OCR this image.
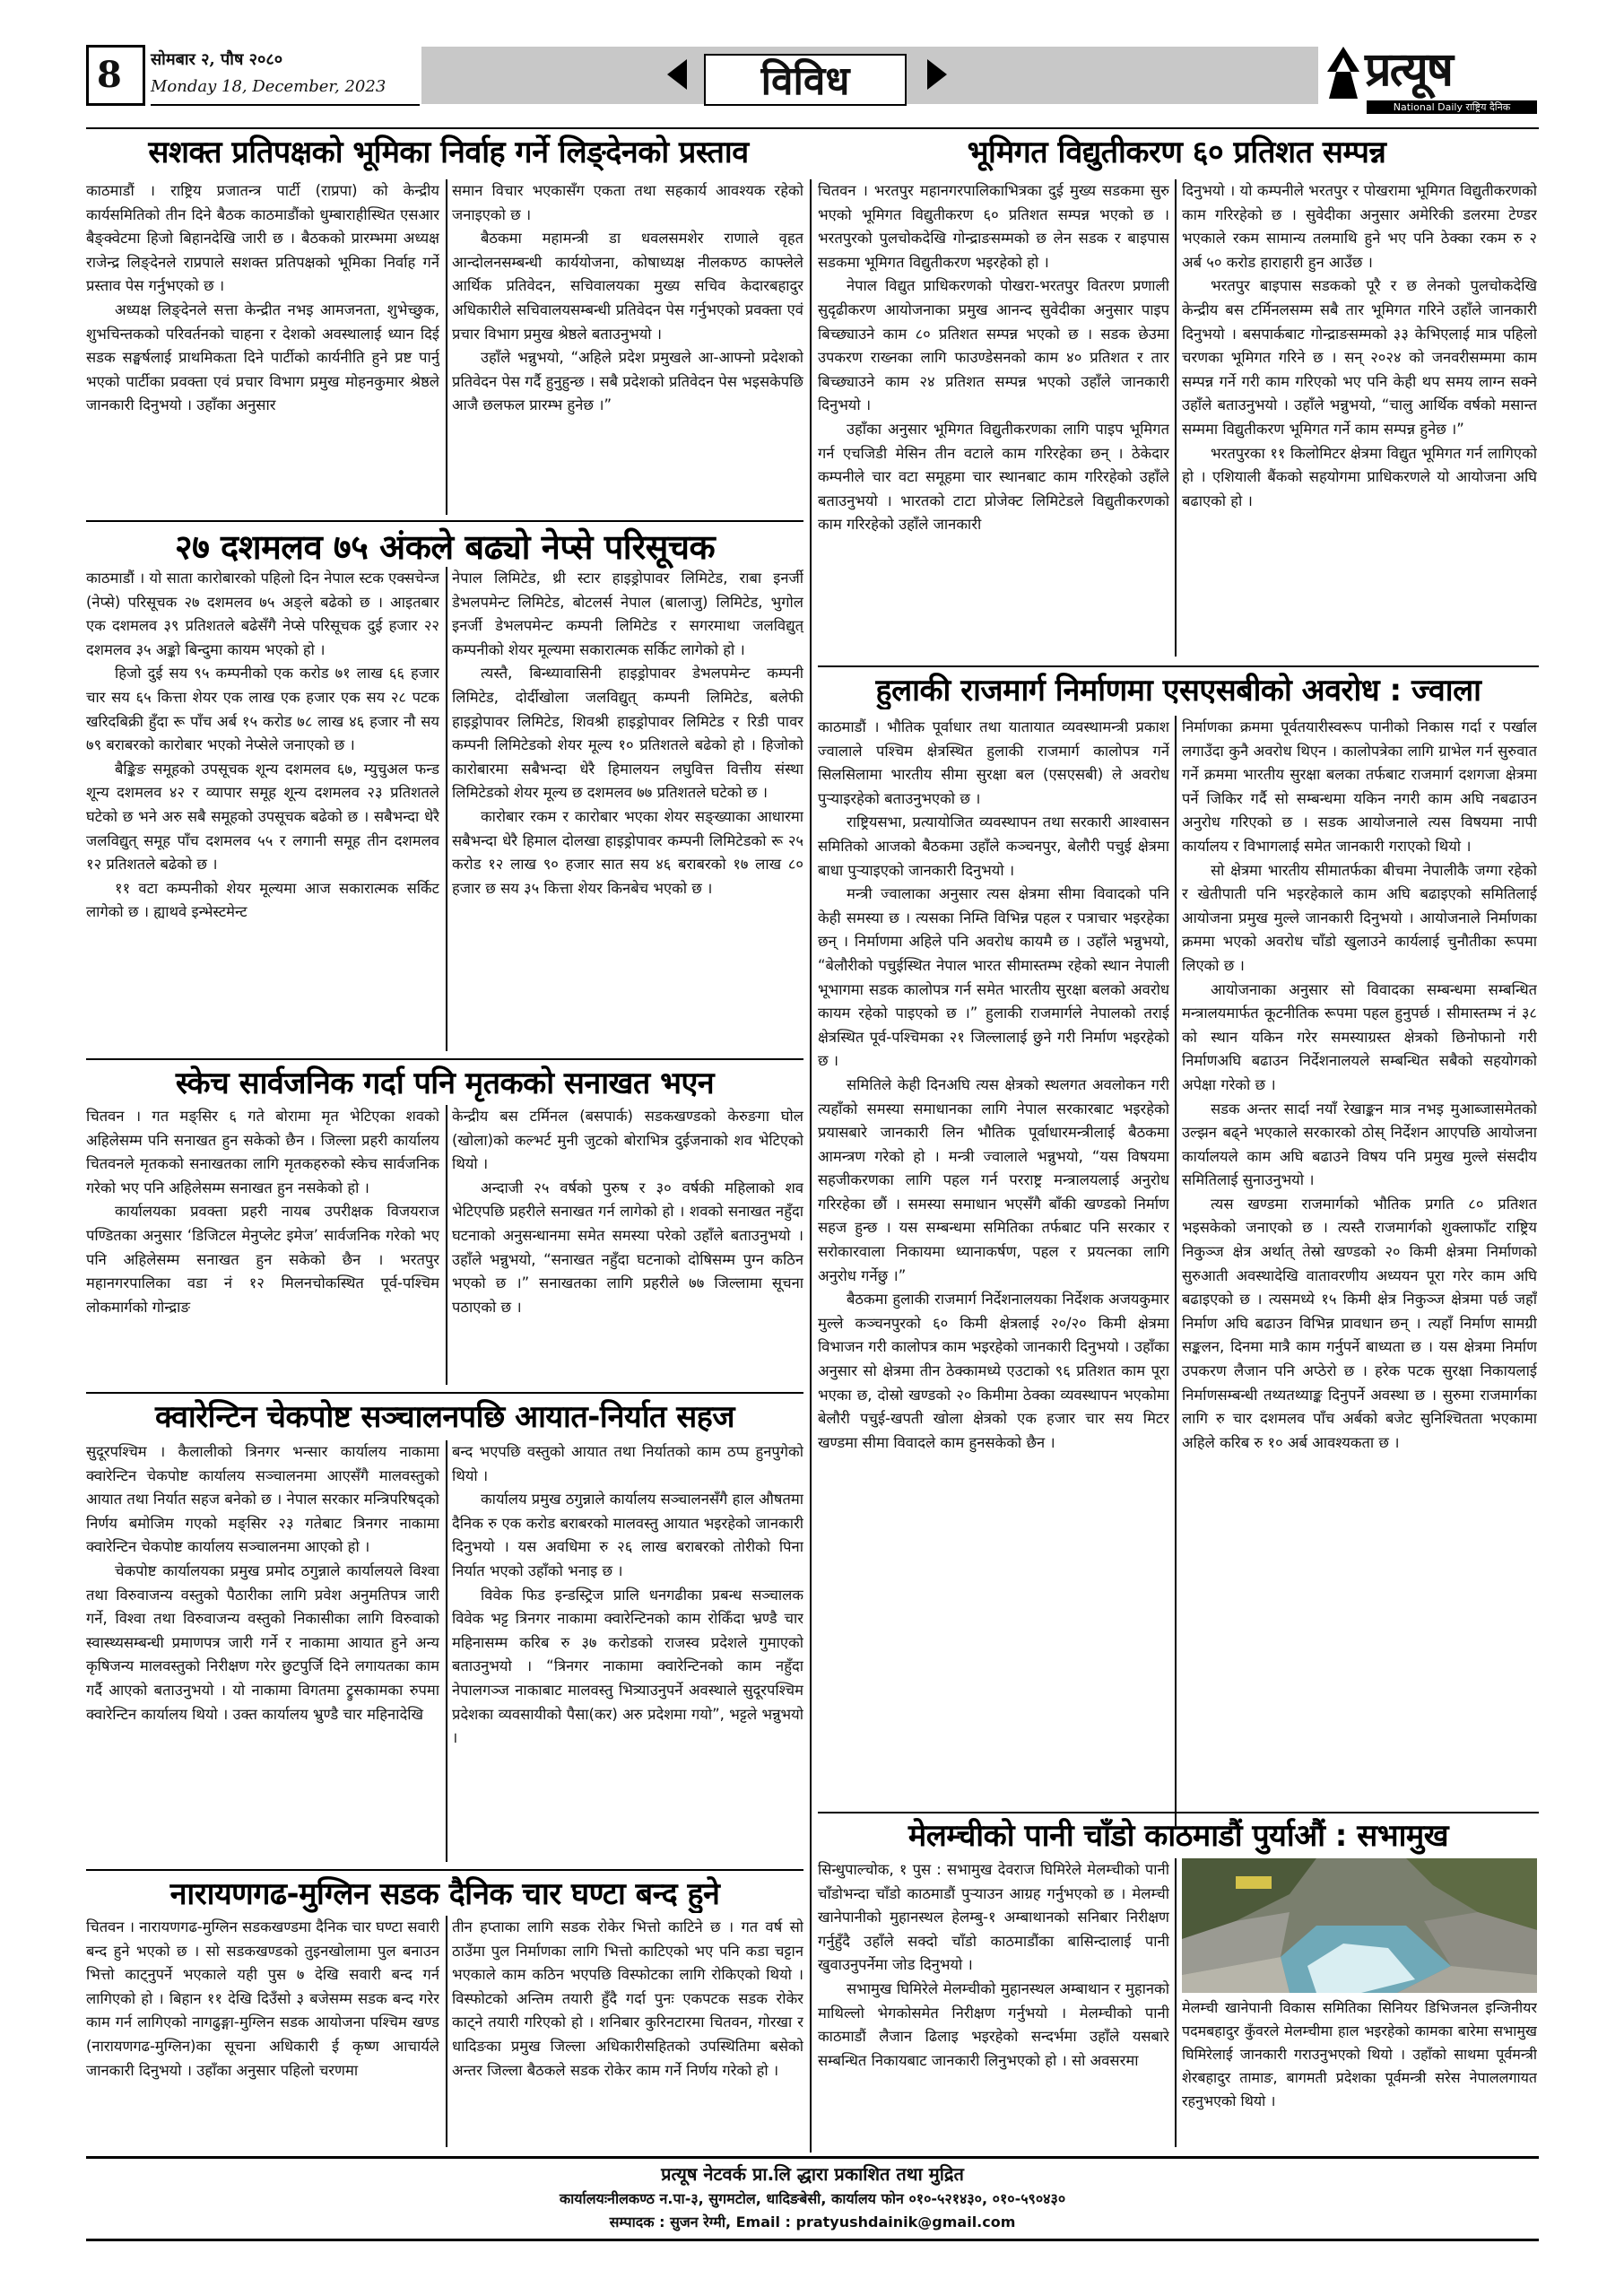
8 सोमबार २, पौष २०८०
Monday 18, December, 2023	विविध	प्रत्यूष
National Daily राष्ट्रिय दैनिक
सशक्त प्रतिपक्षको भूमिका निर्वाह गर्ने लिङ्देनको प्रस्ताव

काठमाडौं । राष्ट्रिय प्रजातन्त्र पार्टी (राप्रपा) को केन्द्रीय कार्यसमितिको तीन दिने बैठक काठमाडौंको धुम्बाराहीस्थित एसआर बैङ्क्वेटमा हिजो बिहानदेखि जारी छ । बैठकको प्रारम्भमा अध्यक्ष राजेन्द्र लिङ्देनले राप्रपाले सशक्त प्रतिपक्षको भूमिका निर्वाह गर्ने प्रस्ताव पेस गर्नुभएको छ ।

अध्यक्ष लिङ्देनले सत्ता केन्द्रीत नभइ आमजनता, शुभेच्छुक, शुभचिन्तकको परिवर्तनको चाहना र देशको अवस्थालाई ध्यान दिई सडक सङ्घर्षलाई प्राथमिकता दिने पार्टीको कार्यनीति हुने प्रष्ट पार्नु भएको पार्टीका प्रवक्ता एवं प्रचार विभाग प्रमुख मोहनकुमार श्रेष्ठले जानकारी दिनुभयो । उहाँका अनुसार

समान विचार भएकासँग एकता तथा सहकार्य आवश्यक रहेको जनाइएको छ ।

बैठकमा महामन्त्री डा धवलसमशेर राणाले वृहत आन्दोलनसम्बन्धी कार्ययोजना, कोषाध्यक्ष नीलकण्ठ काफ्लेले आर्थिक प्रतिवेदन, सचिवालयका मुख्य सचिव केदारबहादुर अधिकारीले सचिवालयसम्बन्धी प्रतिवेदन पेस गर्नुभएको प्रवक्ता एवं प्रचार विभाग प्रमुख श्रेष्ठले बताउनुभयो ।

उहाँले भन्नुभयो, “अहिले प्रदेश प्रमुखले आ-आफ्नो प्रदेशको प्रतिवेदन पेस गर्दै हुनुहुन्छ । सबै प्रदेशको प्रतिवेदन पेस भइसकेपछि आजै छलफल प्रारम्भ हुनेछ ।”

२७ दशमलव ७५ अंकले बढ्यो नेप्से परिसूचक

काठमाडौं । यो साता कारोबारको पहिलो दिन नेपाल स्टक एक्सचेन्ज (नेप्से) परिसूचक २७ दशमलव ७५ अङ्ले बढेको छ । आइतबार एक दशमलव ३९ प्रतिशतले बढेसँगै नेप्से परिसूचक दुई हजार २२ दशमलव ३५ अङ्को बिन्दुमा कायम भएको हो ।

हिजो दुई सय ९५ कम्पनीको एक करोड ७१ लाख ६६ हजार चार सय ६५ कित्ता शेयर एक लाख एक हजार एक सय २८ पटक खरिदबिक्री हुँदा रू पाँच अर्ब १५ करोड ७८ लाख ४६ हजार नौ सय ७९ बराबरको कारोबार भएको नेप्सेले जनाएको छ ।

बैङ्किङ समूहको उपसूचक शून्य दशमलव ६७, म्युचुअल फन्ड शून्य दशमलव ४२ र व्यापार समूह शून्य दशमलव २३ प्रतिशतले घटेको छ भने अरु सबै समूहको उपसूचक बढेको छ । सबैभन्दा धेरै जलविद्युत् समूह पाँच दशमलव ५५ र लगानी समूह तीन दशमलव १२ प्रतिशतले बढेको छ ।

११ वटा कम्पनीको शेयर मूल्यमा आज सकारात्मक सर्किट लागेको छ । ह्याथवे इन्भेस्टमेन्ट

नेपाल लिमिटेड, थ्री स्टार हाइड्रोपावर लिमिटेड, राबा इनर्जी डेभलपमेन्ट लिमिटेड, बोटलर्स नेपाल (बालाजु) लिमिटेड, भुगोल इनर्जी डेभलपमेन्ट कम्पनी लिमिटेड र सगरमाथा जलविद्युत् कम्पनीको शेयर मूल्यमा सकारात्मक सर्किट लागेको हो ।

त्यस्तै, बिन्ध्यावासिनी हाइड्रोपावर डेभलपमेन्ट कम्पनी लिमिटेड, दोर्दीखोला जलविद्युत् कम्पनी लिमिटेड, बलेफी हाइड्रोपावर लिमिटेड, शिवश्री हाइड्रोपावर लिमिटेड र रिडी पावर कम्पनी लिमिटेडको शेयर मूल्य १० प्रतिशतले बढेको हो । हिजोको कारोबारमा सबैभन्दा धेरै हिमालयन लघुवित्त वित्तीय संस्था लिमिटेडको शेयर मूल्य छ दशमलव ७७ प्रतिशतले घटेको छ ।

कारोबार रकम र कारोबार भएका शेयर सङ्ख्याका आधारमा सबैभन्दा धेरै हिमाल दोलखा हाइड्रोपावर कम्पनी लिमिटेडको रू २५ करोड १२ लाख ९० हजार सात सय ४६ बराबरको १७ लाख ८० हजार छ सय ३५ कित्ता शेयर किनबेच भएको छ ।

स्केच सार्वजनिक गर्दा पनि मृतकको सनाखत भएन

चितवन । गत मङ्सिर ६ गते बोरामा मृत भेटिएका शवको अहिलेसम्म पनि सनाखत हुन सकेको छैन । जिल्ला प्रहरी कार्यालय चितवनले मृतकको सनाखतका लागि मृतकहरुको स्केच सार्वजनिक गरेको भए पनि अहिलेसम्म सनाखत हुन नसकेको हो ।

कार्यालयका प्रवक्ता प्रहरी नायब उपरीक्षक विजयराज पण्डितका अनुसार ‘डिजिटल मेनुप्लेट इमेज’ सार्वजनिक गरेको भए पनि अहिलेसम्म सनाखत हुन सकेको छैन । भरतपुर महानगरपालिका वडा नं १२ मिलनचोकस्थित पूर्व-पश्चिम लोकमार्गको गोन्द्राङ

केन्द्रीय बस टर्मिनल (बसपार्क) सडकखण्डको केरुङगा घोल (खोला)को कल्भर्ट मुनी जुटको बोराभित्र दुईजनाको शव भेटिएको थियो ।

अन्दाजी २५ वर्षको पुरुष र ३० वर्षकी महिलाको शव भेटिएपछि प्रहरीले सनाखत गर्न लागेको हो । शवको सनाखत नहुँदा घटनाको अनुसन्धानमा समेत समस्या परेको उहाँले बताउनुभयो । उहाँले भन्नुभयो, “सनाखत नहुँदा घटनाको दोषिसम्म पुग्न कठिन भएको छ ।” सनाखतका लागि प्रहरीले ७७ जिल्लामा सूचना पठाएको छ ।

क्वारेन्टिन चेकपोष्ट सञ्चालनपछि आयात-निर्यात सहज

सुदूरपश्चिम । कैलालीको त्रिनगर भन्सार कार्यालय नाकामा क्वारेन्टिन चेकपोष्ट कार्यालय सञ्चालनमा आएसँगै मालवस्तुको आयात तथा निर्यात सहज बनेको छ । नेपाल सरकार मन्त्रिपरिषद्को निर्णय बमोजिम गएको मङ्सिर २३ गतेबाट त्रिनगर नाकामा क्वारेन्टिन चेकपोष्ट कार्यालय सञ्चालनमा आएको हो ।

चेकपोष्ट कार्यालयका प्रमुख प्रमोद ठगुन्नाले कार्यालयले विश्वा तथा विरुवाजन्य वस्तुको पैठारीका लागि प्रवेश अनुमतिपत्र जारी गर्ने, विश्वा तथा विरुवाजन्य वस्तुको निकासीका लागि विरुवाको स्वास्थ्यसम्बन्धी प्रमाणपत्र जारी गर्ने र नाकामा आयात हुने अन्य कृषिजन्य मालवस्तुको निरीक्षण गरेर छुटपुर्जि दिने लगायतका काम गर्दै आएको बताउनुभयो । यो नाकामा विगतमा ट्रुसकामका रुपमा क्वारेन्टिन कार्यालय थियो । उक्त कार्यालय भ्रुण्डै चार महिनादेखि

बन्द भएपछि वस्तुको आयात तथा निर्यातको काम ठप्प हुनपुगेको थियो ।

कार्यालय प्रमुख ठगुन्नाले कार्यालय सञ्चालनसँगै हाल औषतमा दैनिक रु एक करोड बराबरको मालवस्तु आयात भइरहेको जानकारी दिनुभयो । यस अवधिमा रु २६ लाख बराबरको तोरीको पिना निर्यात भएको उहाँको भनाइ छ ।

विवेक फिड इन्डस्ट्रिज प्रालि धनगढीका प्रबन्ध सञ्चालक विवेक भट्ट त्रिनगर नाकामा क्वारेन्टिनको काम रोकिँदा भ्रण्डै चार महिनासम्म करिब रु ३७ करोडको राजस्व प्रदेशले गुमाएको बताउनुभयो । “त्रिनगर नाकामा क्वारेन्टिनको काम नहुँदा नेपालगञ्ज नाकाबाट मालवस्तु भित्र्याउनुपर्ने अवस्थाले सुदूरपश्चिम प्रदेशका व्यवसायीको पैसा(कर) अरु प्रदेशमा गयो”, भट्टले भन्नुभयो ।

नारायणगढ-मुग्लिन सडक दैनिक चार घण्टा बन्द हुने

चितवन । नारायणगढ-मुग्लिन सडकखण्डमा दैनिक चार घण्टा सवारी बन्द हुने भएको छ । सो सडकखण्डको तुइनखोलामा पुल बनाउन भित्तो काट्नुपर्ने भएकाले यही पुस ७ देखि सवारी बन्द गर्न लागिएको हो । बिहान ११ देखि दिउँसो ३ बजेसम्म सडक बन्द गरेर काम गर्न लागिएको नागढुङ्गा-मुग्लिन सडक आयोजना पश्चिम खण्ड (नारायणगढ-मुग्लिन)का सूचना अधिकारी ई कृष्ण आचार्यले जानकारी दिनुभयो । उहाँका अनुसार पहिलो चरणमा

तीन हप्ताका लागि सडक रोकेर भित्तो काटिने छ । गत वर्ष सो ठाउँमा पुल निर्माणका लागि भित्तो काटिएको भए पनि कडा चट्टान भएकाले काम कठिन भएपछि विस्फोटका लागि रोकिएको थियो । विस्फोटको अन्तिम तयारी हुँदै गर्दा पुनः एकपटक सडक रोकेर काट्ने तयारी गरिएको हो । शनिबार कुरिनटारमा चितवन, गोरखा र धादिङका प्रमुख जिल्ला अधिकारीसहितको उपस्थितिमा बसेको अन्तर जिल्ला बैठकले सडक रोकेर काम गर्ने निर्णय गरेको हो ।

भूमिगत विद्युतीकरण ६० प्रतिशत सम्पन्न

चितवन । भरतपुर महानगरपालिकाभित्रका दुई मुख्य सडकमा सुरु भएको भूमिगत विद्युतीकरण ६० प्रतिशत सम्पन्न भएको छ । भरतपुरको पुलचोकदेखि गोन्द्राङसम्मको छ लेन सडक र बाइपास सडकमा भूमिगत विद्युतीकरण भइरहेको हो ।

नेपाल विद्युत प्राधिकरणको पोखरा-भरतपुर वितरण प्रणाली सुदृढीकरण आयोजनाका प्रमुख आनन्द सुवेदीका अनुसार पाइप बिच्छ्याउने काम ८० प्रतिशत सम्पन्न भएको छ । सडक छेउमा उपकरण राख्नका लागि फाउण्डेसनको काम ४० प्रतिशत र तार बिच्छ्याउने काम २४ प्रतिशत सम्पन्न भएको उहाँले जानकारी दिनुभयो ।

उहाँका अनुसार भूमिगत विद्युतीकरणका लागि पाइप भूमिगत गर्न एचजिडी मेसिन तीन वटाले काम गरिरहेका छन् । ठेकेदार कम्पनीले चार वटा समूहमा चार स्थानबाट काम गरिरहेको उहाँले बताउनुभयो । भारतको टाटा प्रोजेक्ट लिमिटेडले विद्युतीकरणको काम गरिरहेको उहाँले जानकारी

दिनुभयो । यो कम्पनीले भरतपुर र पोखरामा भूमिगत विद्युतीकरणको काम गरिरहेको छ । सुवेदीका अनुसार अमेरिकी डलरमा टेण्डर भएकाले रकम सामान्य तलमाथि हुने भए पनि ठेक्का रकम रु २ अर्ब ५० करोड हाराहारी हुन आउँछ ।

भरतपुर बाइपास सडकको पूरै र छ लेनको पुलचोकदेखि केन्द्रीय बस टर्मिनलसम्म सबै तार भूमिगत गरिने उहाँले जानकारी दिनुभयो । बसपार्कबाट गोन्द्राङसम्मको ३३ केभिएलाई मात्र पहिलो चरणका भूमिगत गरिने छ । सन् २०२४ को जनवरीसम्ममा काम सम्पन्न गर्ने गरी काम गरिएको भए पनि केही थप समय लाग्न सक्ने उहाँले बताउनुभयो । उहाँले भन्नुभयो, “चालु आर्थिक वर्षको मसान्त सम्ममा विद्युतीकरण भूमिगत गर्ने काम सम्पन्न हुनेछ ।”

भरतपुरका ११ किलोमिटर क्षेत्रमा विद्युत भूमिगत गर्न लागिएको हो । एशियाली बैंकको सहयोगमा प्राधिकरणले यो आयोजना अघि बढाएको हो ।

हुलाकी राजमार्ग निर्माणमा एसएसबीको अवरोध : ज्वाला

काठमाडौं । भौतिक पूर्वाधार तथा यातायात व्यवस्थामन्त्री प्रकाश ज्वालाले पश्चिम क्षेत्रस्थित हुलाकी राजमार्ग कालोपत्र गर्ने सिलसिलामा भारतीय सीमा सुरक्षा बल (एसएसबी) ले अवरोध पुऱ्याइरहेको बताउनुभएको छ ।

राष्ट्रियसभा, प्रत्यायोजित व्यवस्थापन तथा सरकारी आश्वासन समितिको आजको बैठकमा उहाँले कञ्चनपुर, बेलौरी पचुई क्षेत्रमा बाधा पुऱ्याइएको जानकारी दिनुभयो ।

मन्त्री ज्वालाका अनुसार त्यस क्षेत्रमा सीमा विवादको पनि केही समस्या छ । त्यसका निम्ति विभिन्न पहल र पत्राचार भइरहेका छन् । निर्माणमा अहिले पनि अवरोध कायमै छ । उहाँले भन्नुभयो, “बेलौरीको पचुईस्थित नेपाल भारत सीमास्तम्भ रहेको स्थान नेपाली भूभागमा सडक कालोपत्र गर्न समेत भारतीय सुरक्षा बलको अवरोध कायम रहेको पाइएको छ ।” हुलाकी राजमार्गले नेपालको तराई क्षेत्रस्थित पूर्व-पश्चिमका २१ जिल्लालाई छुने गरी निर्माण भइरहेको छ ।

समितिले केही दिनअघि त्यस क्षेत्रको स्थलगत अवलोकन गरी त्यहाँको समस्या समाधानका लागि नेपाल सरकारबाट भइरहेको प्रयासबारे जानकारी लिन भौतिक पूर्वाधारमन्त्रीलाई बैठकमा आमन्त्रण गरेको हो । मन्त्री ज्वालाले भन्नुभयो, “यस विषयमा सहजीकरणका लागि पहल गर्न परराष्ट्र मन्त्रालयलाई अनुरोध गरिरहेका छौं । समस्या समाधान भएसँगै बाँकी खण्डको निर्माण सहज हुन्छ । यस सम्बन्धमा समितिका तर्फबाट पनि सरकार र सरोकारवाला निकायमा ध्यानाकर्षण, पहल र प्रयत्नका लागि अनुरोध गर्नेछु ।”

बैठकमा हुलाकी राजमार्ग निर्देशनालयका निर्देशक अजयकुमार मुल्ले कञ्चनपुरको ६० किमी क्षेत्रलाई २०/२० किमी क्षेत्रमा विभाजन गरी कालोपत्र काम भइरहेको जानकारी दिनुभयो । उहाँका अनुसार सो क्षेत्रमा तीन ठेक्कामध्ये एउटाको ९६ प्रतिशत काम पूरा भएका छ, दोस्रो खण्डको २० किमीमा ठेक्का व्यवस्थापन भएकोमा बेलौरी पचुई-खपती खोला क्षेत्रको एक हजार चार सय मिटर खण्डमा सीमा विवादले काम हुनसकेको छैन ।

निर्माणका क्रममा पूर्वतयारीस्वरूप पानीको निकास गर्दा र पर्खाल लगाउँदा कुनै अवरोध थिएन । कालोपत्रेका लागि ग्राभेल गर्न सुरुवात गर्ने क्रममा भारतीय सुरक्षा बलका तर्फबाट राजमार्ग दशगजा क्षेत्रमा पर्ने जिकिर गर्दै सो सम्बन्धमा यकिन नगरी काम अघि नबढाउन अनुरोध गरिएको छ । सडक आयोजनाले त्यस विषयमा नापी कार्यालय र विभागलाई समेत जानकारी गराएको थियो ।

सो क्षेत्रमा भारतीय सीमातर्फका बीचमा नेपालीकै जग्गा रहेको र खेतीपाती पनि भइरहेकाले काम अघि बढाइएको समितिलाई आयोजना प्रमुख मुल्ले जानकारी दिनुभयो । आयोजनाले निर्माणका क्रममा भएको अवरोध चाँडो खुलाउने कार्यलाई चुनौतीका रूपमा लिएको छ ।

आयोजनाका अनुसार सो विवादका सम्बन्धमा सम्बन्धित मन्त्रालयमार्फत कूटनीतिक रूपमा पहल हुनुपर्छ । सीमास्तम्भ नं ३८ को स्थान यकिन गरेर समस्याग्रस्त क्षेत्रको छिनोफानो गरी निर्माणअघि बढाउन निर्देशनालयले सम्बन्धित सबैको सहयोगको अपेक्षा गरेको छ ।

सडक अन्तर सार्दा नयाँ रेखाङ्कन मात्र नभइ मुआब्जासमेतको उल्झन बढ्ने भएकाले सरकारको ठोस् निर्देशन आएपछि आयोजना कार्यालयले काम अघि बढाउने विषय पनि प्रमुख मुल्ले संसदीय समितिलाई सुनाउनुभयो ।

त्यस खण्डमा राजमार्गको भौतिक प्रगति ८० प्रतिशत भइसकेको जनाएको छ । त्यस्तै राजमार्गको शुक्लाफाँट राष्ट्रिय निकुञ्ज क्षेत्र अर्थात् तेस्रो खण्डको २० किमी क्षेत्रमा निर्माणको सुरुआती अवस्थादेखि वातावरणीय अध्ययन पूरा गरेर काम अघि बढाइएको छ । त्यसमध्ये १५ किमी क्षेत्र निकुञ्ज क्षेत्रमा पर्छ जहाँ निर्माण अघि बढाउन विभिन्न प्रावधान छन् । त्यहाँ निर्माण सामग्री सङ्कलन, दिनमा मात्रै काम गर्नुपर्ने बाध्यता छ । यस क्षेत्रमा निर्माण उपकरण लैजान पनि अप्ठेरो छ । हरेक पटक सुरक्षा निकायलाई निर्माणसम्बन्धी तथ्यतथ्याङ्क दिनुपर्ने अवस्था छ । सुरुमा राजमार्गका लागि रु चार दशमलव पाँच अर्बको बजेट सुनिश्चितता भएकामा अहिले करिब रु १० अर्ब आवश्यकता छ ।

मेलम्चीको पानी चाँडो काठमाडौं पुर्याऔं : सभामुख

सिन्धुपाल्चोक, १ पुस : सभामुख देवराज घिमिरेले मेलम्चीको पानी चाँडोभन्दा चाँडो काठमाडौं पुऱ्याउन आग्रह गर्नुभएको छ । मेलम्ची खानेपानीको मुहानस्थल हेलम्बु-१ अम्बाथानको सनिबार निरीक्षण गर्नुहुँदै उहाँले सक्दो चाँडो काठमाडौंका बासिन्दालाई पानी खुवाउनुपर्नेमा जोड दिनुभयो ।

सभामुख घिमिरेले मेलम्चीको मुहानस्थल अम्बाथान र मुहानको माथिल्लो भेगकोसमेत निरीक्षण गर्नुभयो । मेलम्चीको पानी काठमाडौं लैजान ढिलाइ भइरहेको सन्दर्भमा उहाँले यसबारे सम्बन्धित निकायबाट जानकारी लिनुभएको हो । सो अवसरमा

मेलम्ची खानेपानी विकास समितिका सिनियर डिभिजनल इन्जिनीयर पदमबहादुर कुँवरले मेलम्चीमा हाल भइरहेको कामका बारेमा सभामुख घिमिरेलाई जानकारी गराउनुभएको थियो । उहाँको साथमा पूर्वमन्त्री शेरबहादुर तामाङ, बागमती प्रदेशका पूर्वमन्त्री सरेस नेपाललगायत रहनुभएको थियो ।
प्रत्यूष नेटवर्क प्रा.लि द्धारा प्रकाशित तथा मुद्रित
कार्यालयःनीलकण्ठ न.पा-३, सुगमटोल, धादिङबेसी, कार्यालय फोन ०१०-५२१४३०, ०१०-५९०४३०
सम्पादक : सुजन रेग्मी, Email : pratyushdainik@gmail.com
